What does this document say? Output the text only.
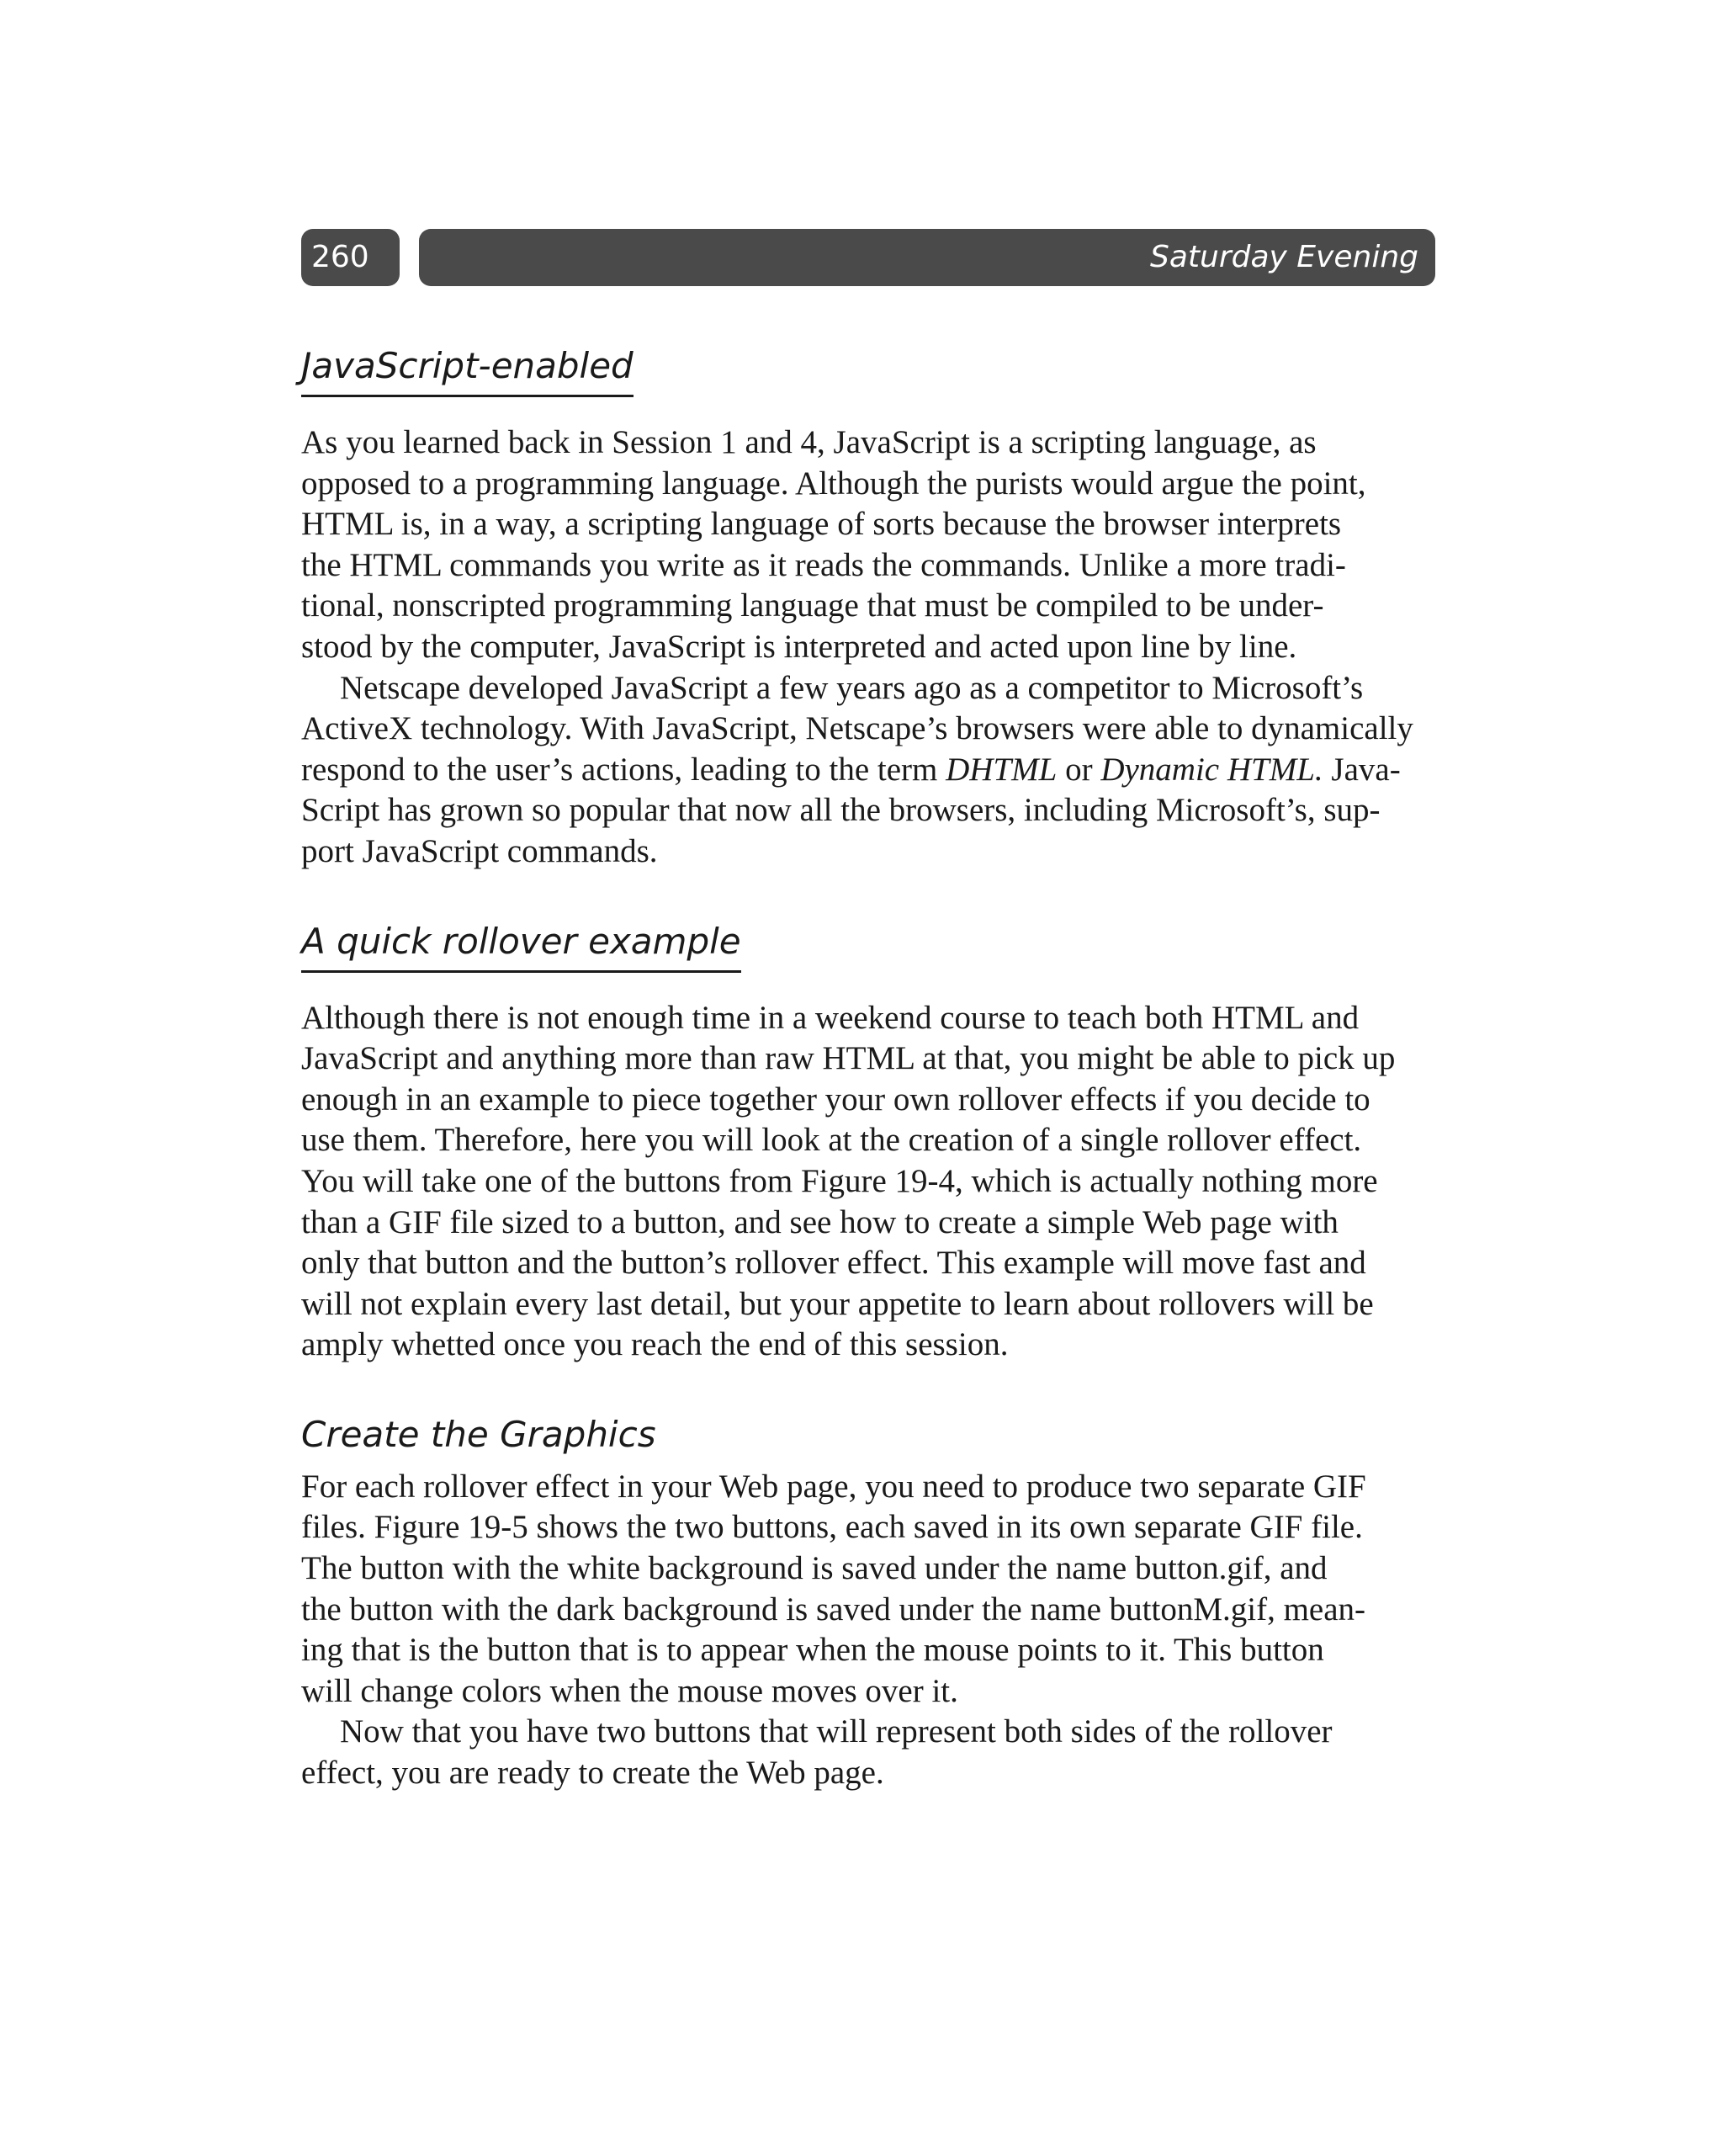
260	Saturday Evening
JavaScript-enabled

As you learned back in Session 1 and 4, JavaScript is a scripting language, as
opposed to a programming language. Although the purists would argue the point,
HTML is, in a way, a scripting language of sorts because the browser interprets
the HTML commands you write as it reads the commands. Unlike a more tradi-
tional, nonscripted programming language that must be compiled to be under-
stood by the computer, JavaScript is interpreted and acted upon line by line.

Netscape developed JavaScript a few years ago as a competitor to Microsoft’s
ActiveX technology. With JavaScript, Netscape’s browsers were able to dynamically
respond to the user’s actions, leading to the term DHTML or Dynamic HTML. Java-
Script has grown so popular that now all the browsers, including Microsoft’s, sup-
port JavaScript commands.

A quick rollover example

Although there is not enough time in a weekend course to teach both HTML and
JavaScript and anything more than raw HTML at that, you might be able to pick up
enough in an example to piece together your own rollover effects if you decide to
use them. Therefore, here you will look at the creation of a single rollover effect.
You will take one of the buttons from Figure 19-4, which is actually nothing more
than a GIF file sized to a button, and see how to create a simple Web page with
only that button and the button’s rollover effect. This example will move fast and
will not explain every last detail, but your appetite to learn about rollovers will be
amply whetted once you reach the end of this session.

Create the Graphics

For each rollover effect in your Web page, you need to produce two separate GIF
files. Figure 19-5 shows the two buttons, each saved in its own separate GIF file.
The button with the white background is saved under the name button.gif, and
the button with the dark background is saved under the name buttonM.gif, mean-
ing that is the button that is to appear when the mouse points to it. This button
will change colors when the mouse moves over it.

Now that you have two buttons that will represent both sides of the rollover
effect, you are ready to create the Web page.
